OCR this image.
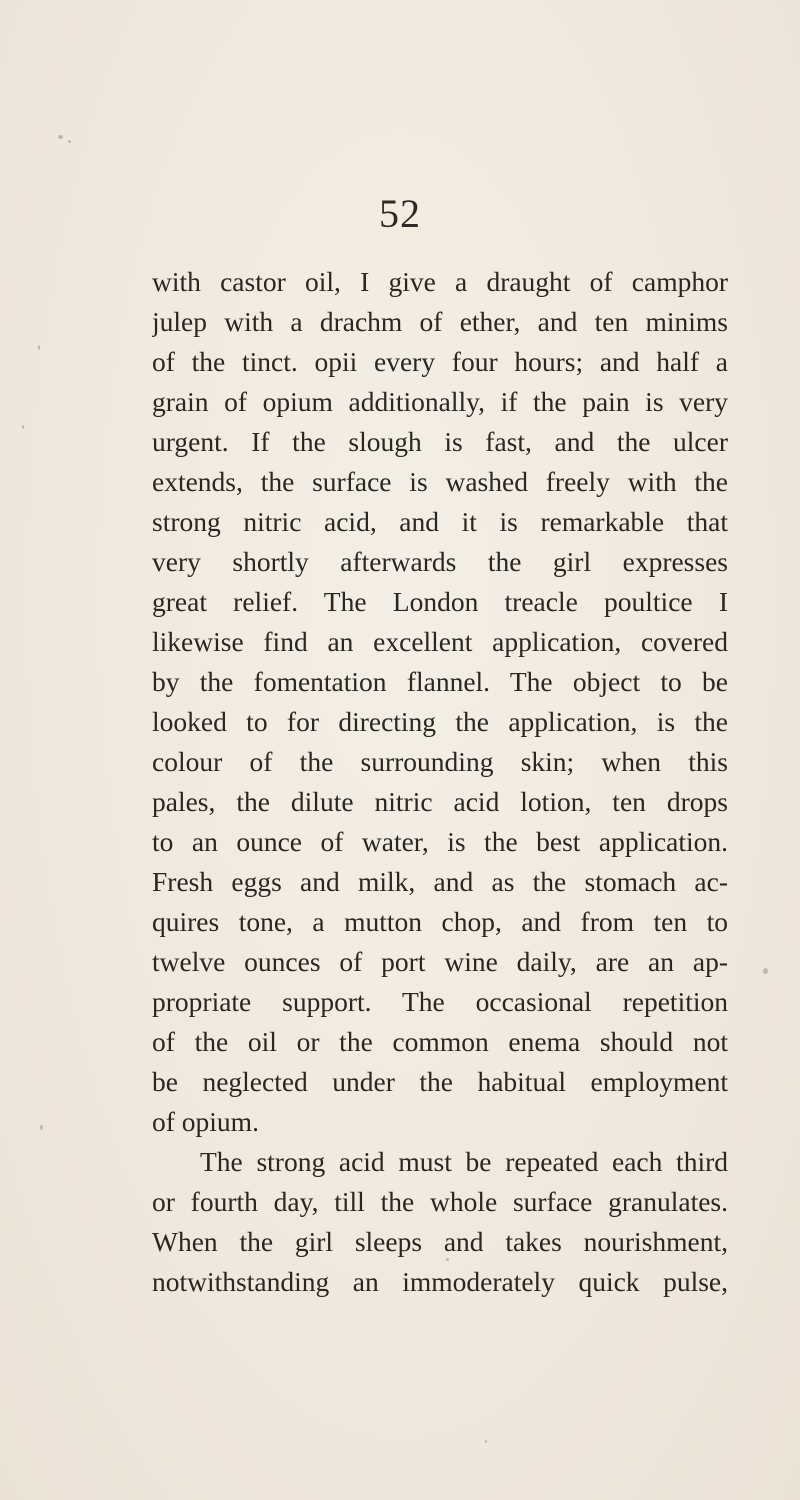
52
with castor oil, I give a draught of camphor
julep with a drachm of ether, and ten minims
of the tinct. opii every four hours; and half a
grain of opium additionally, if the pain is very
urgent. If the slough is fast, and the ulcer
extends, the surface is washed freely with the
strong nitric acid, and it is remarkable that
very shortly afterwards the girl expresses
great relief. The London treacle poultice I
likewise find an excellent application, covered
by the fomentation flannel. The object to be
looked to for directing the application, is the
colour of the surrounding skin; when this
pales, the dilute nitric acid lotion, ten drops
to an ounce of water, is the best application.
Fresh eggs and milk, and as the stomach ac-
quires tone, a mutton chop, and from ten to
twelve ounces of port wine daily, are an ap-
propriate support. The occasional repetition
of the oil or the common enema should not
be neglected under the habitual employment
of opium.
The strong acid must be repeated each third
or fourth day, till the whole surface granulates.
When the girl sleeps and takes nourishment,
notwithstanding an immoderately quick pulse,
